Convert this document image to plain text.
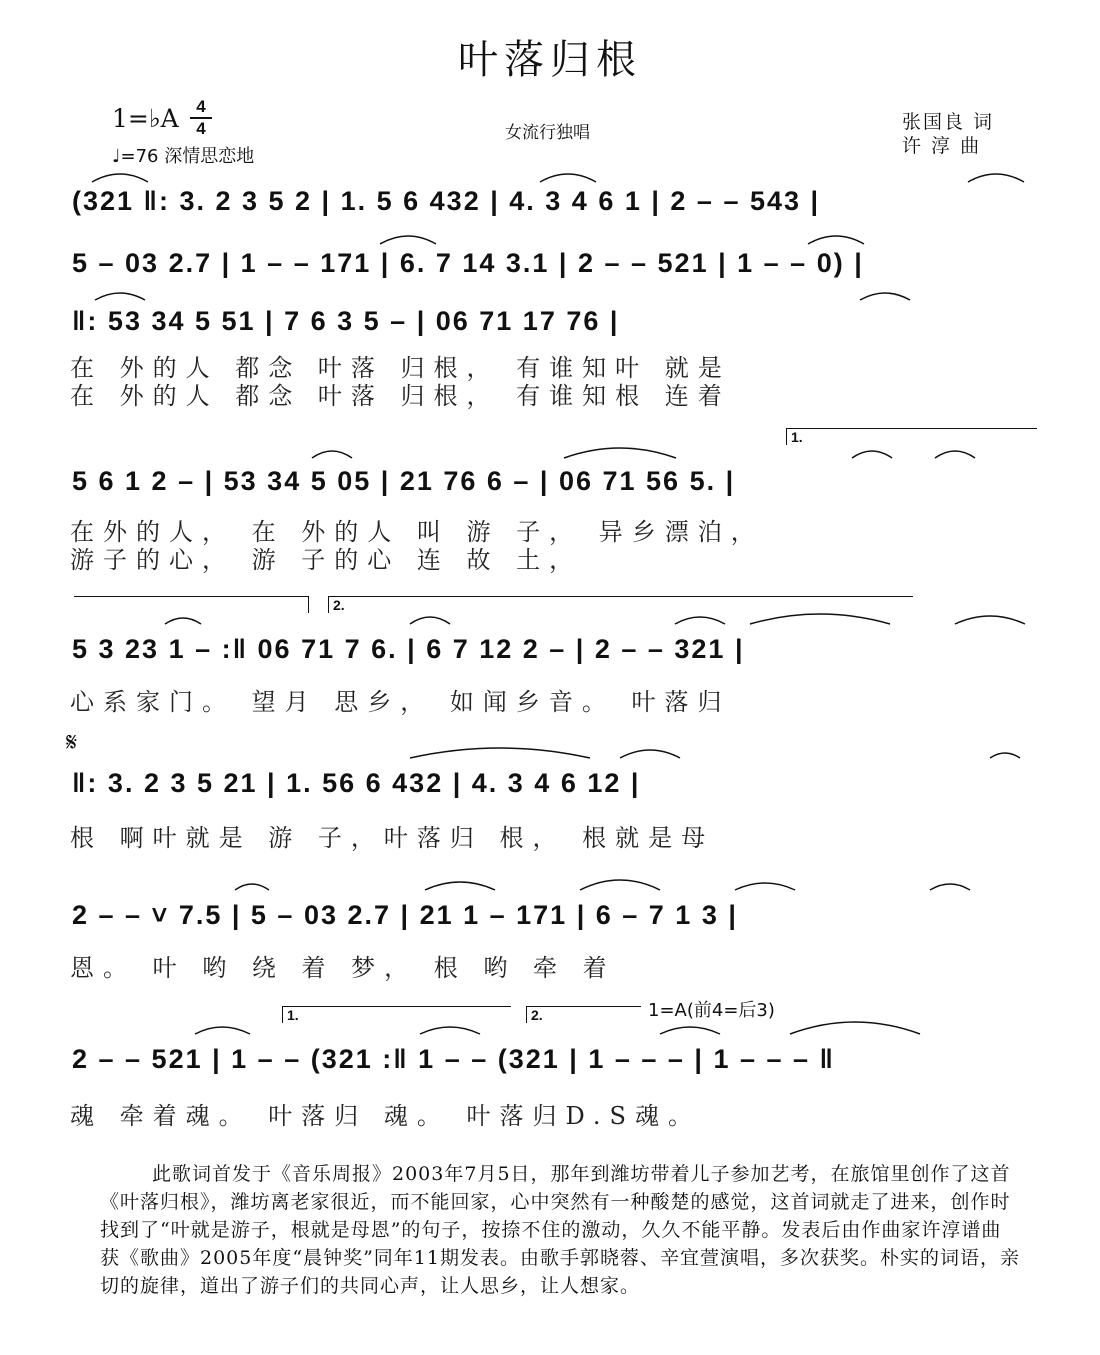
叶落归根
1=♭A	4
4
♩=76 深情思恋地
女流行独唱	张国良 词
许 淳 曲
(321 ‖: 3. 2 3 5 2 | 1. 5 6 432 | 4. 3 4 6 1 | 2 – – 543 |
5 – 03 2.7 | 1 – – 171 | 6. 7 14 3.1 | 2 – – 521 | 1 – – 0) |
‖: 53 34 5 51 | 7 6 3 5 – | 06 71 17 76 |
在 外的人 都念 叶落 归根， 有谁知叶 就是
在 外的人 都念 叶落 归根， 有谁知根 连着
1.
5 6 1 2 – | 53 34 5 05 | 21 76 6 – | 06 71 56 5. |
在外的人， 在 外的人 叫 游 子， 异乡漂泊，
游子的心， 游 子的心 连 故 土，
2.
5 3 23 1 – :‖ 06 71 7 6. | 6 7 12 2 – | 2 – – 321 |
心系家门。 望月 思乡， 如闻乡音。 叶落归
𝄋
‖: 3. 2 3 5 21 | 1. 56 6 432 | 4. 3 4 6 12 |
根 啊叶就是 游 子，叶落归 根， 根就是母
2 – – ˅ 7.5 | 5 – 03 2.7 | 21 1 – 171 | 6 – 7 1 3 |
恩。 叶 哟 绕 着 梦， 根 哟 牵 着
1.	2.	1=A(前4=后3)
2 – – 521 | 1 – – (321 :‖ 1 – – (321 | 1 – – – | 1 – – – ‖
魂 牵着魂。 叶落归 魂。 叶落归D.S魂。
此歌词首发于《音乐周报》2003年7月5日，那年到潍坊带着儿子参加艺考，在旅馆里创作了这首《叶落归根》，潍坊离老家很近，而不能回家，心中突然有一种酸楚的感觉，这首词就走了进来，创作时找到了“叶就是游子，根就是母恩”的句子，按捺不住的激动，久久不能平静。发表后由作曲家许淳谱曲获《歌曲》2005年度“晨钟奖”同年11期发表。由歌手郭晓蓉、辛宜萱演唱，多次获奖。朴实的词语，亲切的旋律，道出了游子们的共同心声，让人思乡，让人想家。
